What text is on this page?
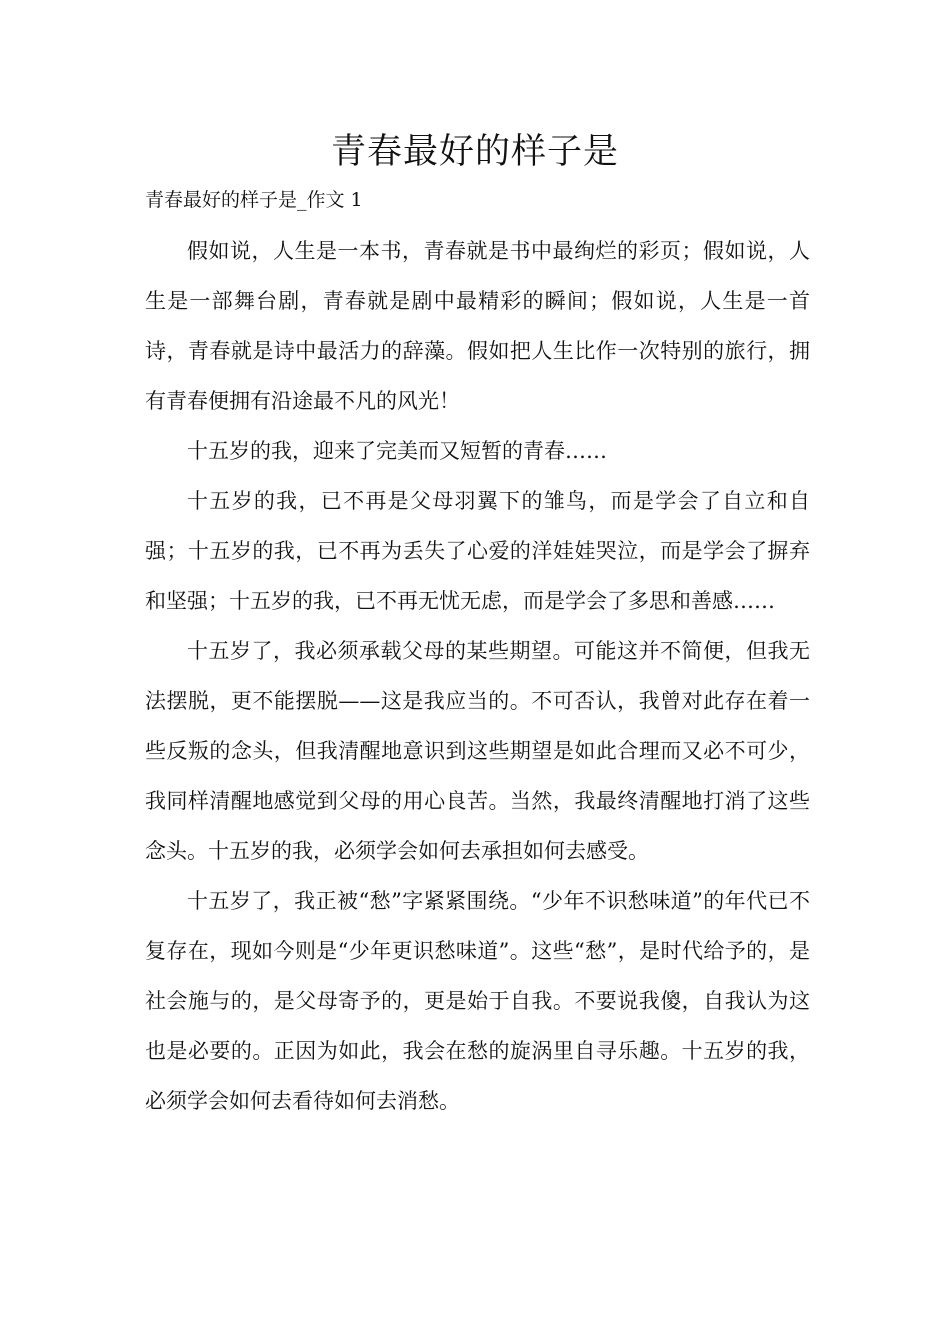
青春最好的样子是
青春最好的样子是_作文 1

假如说，人生是一本书，青春就是书中最绚烂的彩页；假如说，人生是一部舞台剧，青春就是剧中最精彩的瞬间；假如说，人生是一首诗，青春就是诗中最活力的辞藻。假如把人生比作一次特别的旅行，拥有青春便拥有沿途最不凡的风光！

十五岁的我，迎来了完美而又短暂的青春……

十五岁的我，已不再是父母羽翼下的雏鸟，而是学会了自立和自强；十五岁的我，已不再为丢失了心爱的洋娃娃哭泣，而是学会了摒弃和坚强；十五岁的我，已不再无忧无虑，而是学会了多思和善感……

十五岁了，我必须承载父母的某些期望。可能这并不简便，但我无法摆脱，更不能摆脱——这是我应当的。不可否认，我曾对此存在着一些反叛的念头，但我清醒地意识到这些期望是如此合理而又必不可少，我同样清醒地感觉到父母的用心良苦。当然，我最终清醒地打消了这些念头。十五岁的我，必须学会如何去承担如何去感受。

十五岁了，我正被“愁”字紧紧围绕。“少年不识愁味道”的年代已不复存在，现如今则是“少年更识愁味道”。这些“愁”，是时代给予的，是社会施与的，是父母寄予的，更是始于自我。不要说我傻，自我认为这也是必要的。正因为如此，我会在愁的旋涡里自寻乐趣。十五岁的我，必须学会如何去看待如何去消愁。
